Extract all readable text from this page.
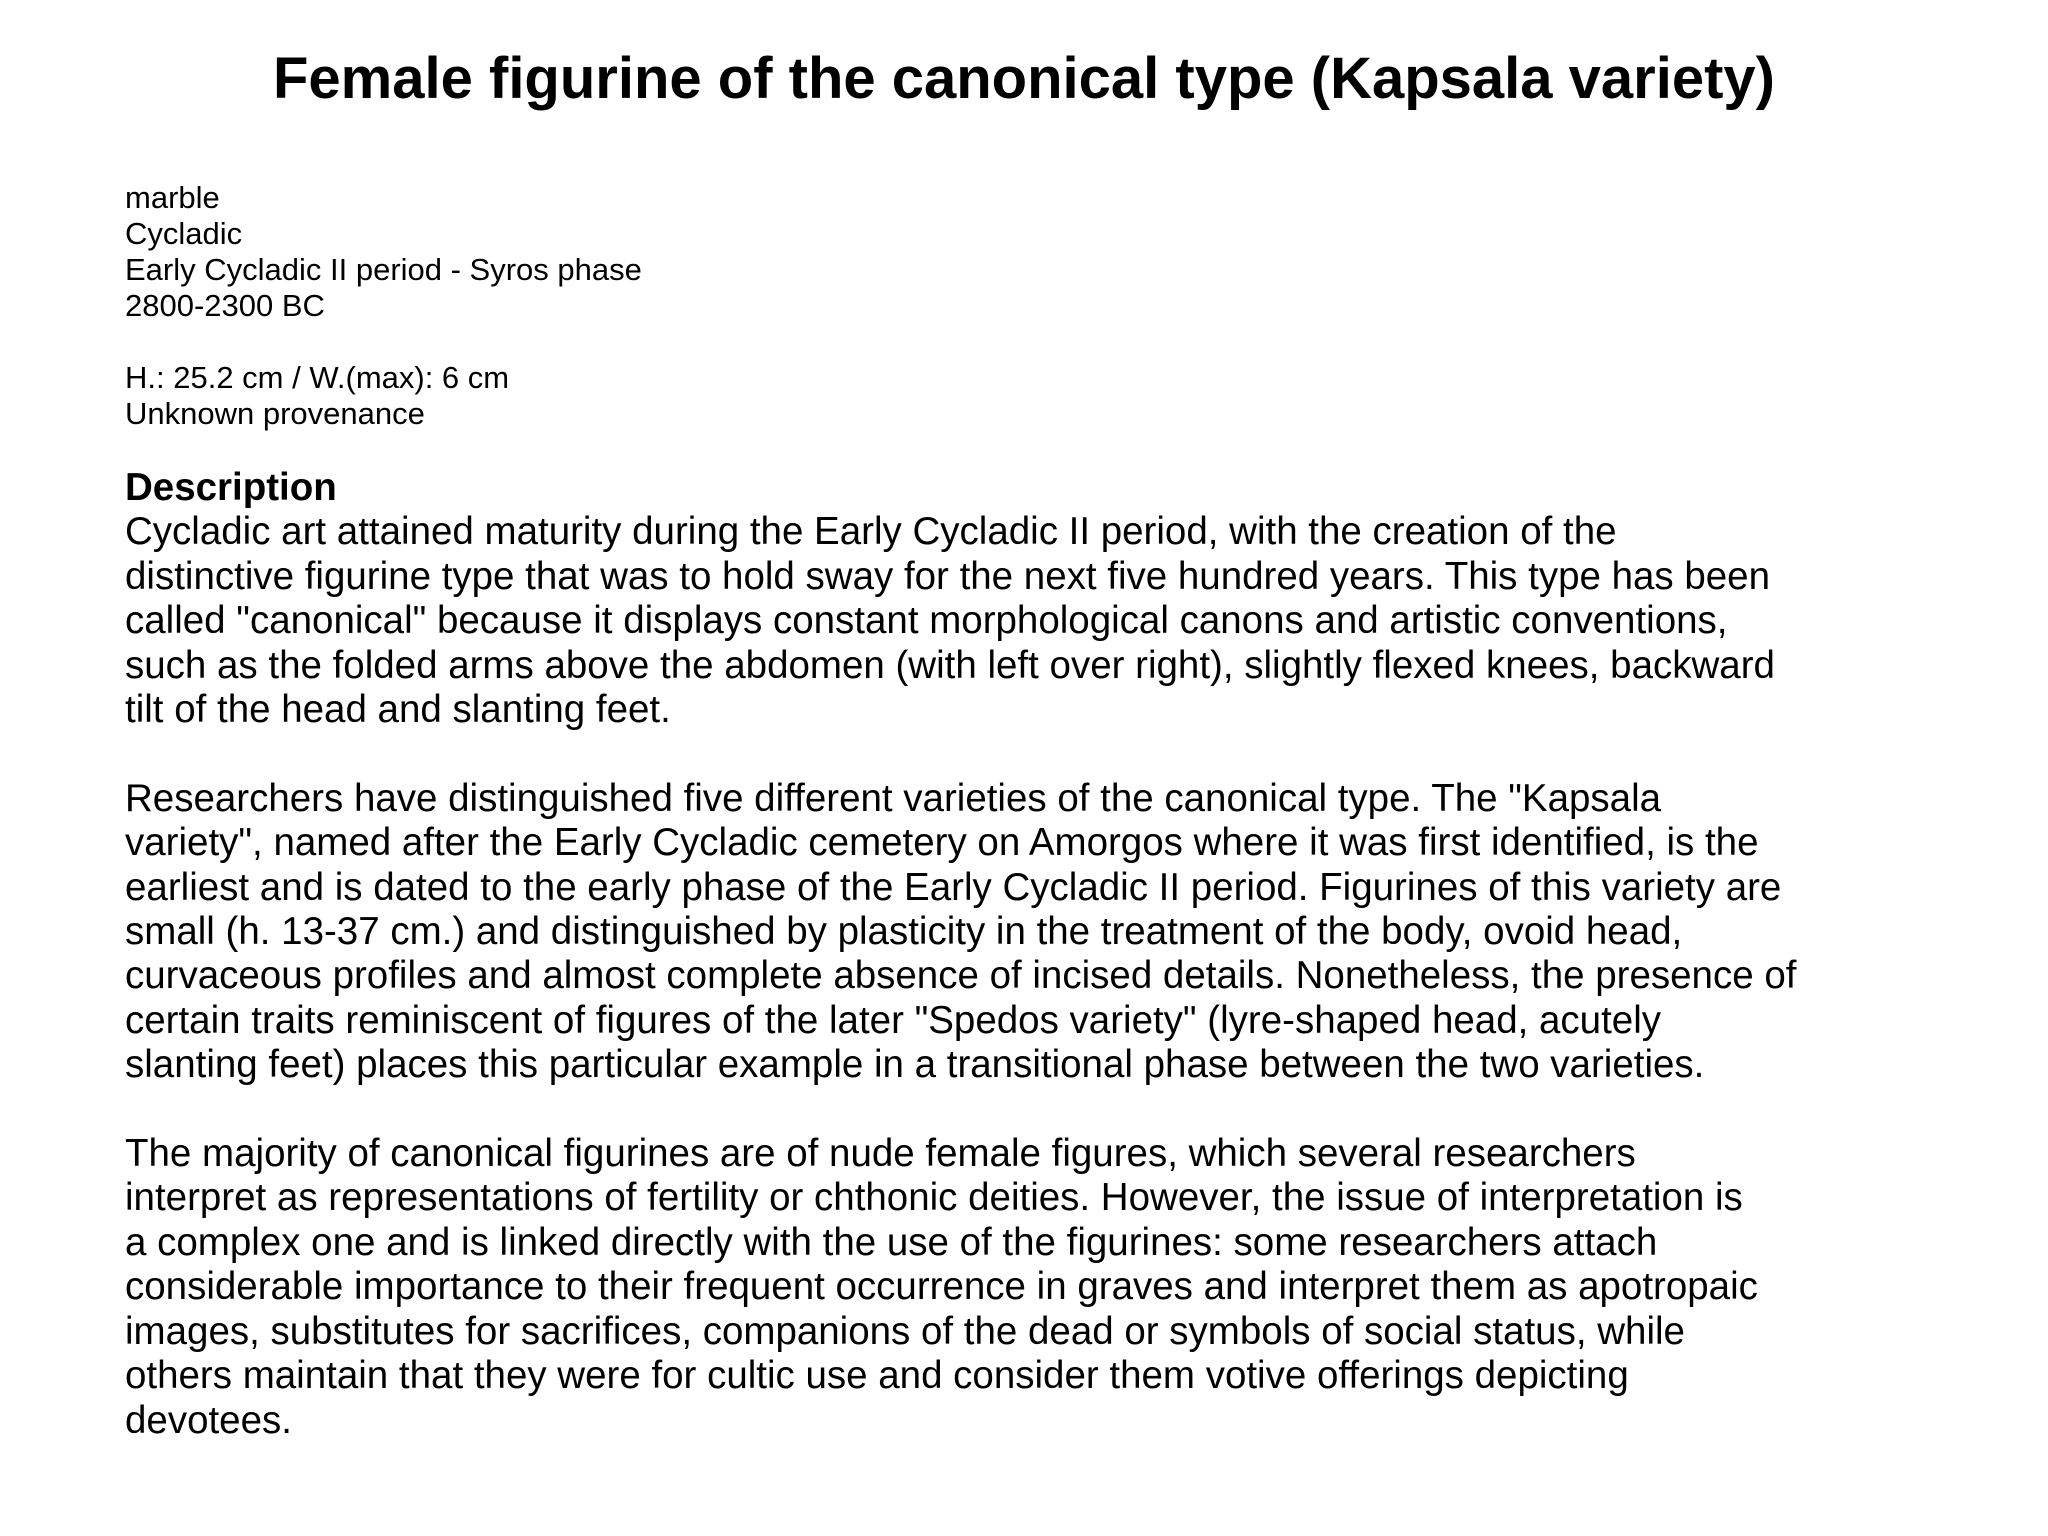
Female figurine of the canonical type (Kapsala variety)
marble
Cycladic
Early Cycladic II period - Syros phase
2800-2300 BC
H.: 25.2 cm / W.(max): 6 cm
Unknown provenance
Description
Cycladic art attained maturity during the Early Cycladic II period, with the creation of the
distinctive figurine type that was to hold sway for the next five hundred years. This type has been
called "canonical" because it displays constant morphological canons and artistic conventions,
such as the folded arms above the abdomen (with left over right), slightly flexed knees, backward
tilt of the head and slanting feet.
Researchers have distinguished five different varieties of the canonical type. The "Kapsala
variety", named after the Early Cycladic cemetery on Amorgos where it was first identified, is the
earliest and is dated to the early phase of the Early Cycladic II period. Figurines of this variety are
small (h. 13-37 cm.) and distinguished by plasticity in the treatment of the body, ovoid head,
curvaceous profiles and almost complete absence of incised details. Nonetheless, the presence of
certain traits reminiscent of figures of the later "Spedos variety" (lyre-shaped head, acutely
slanting feet) places this particular example in a transitional phase between the two varieties.
The majority of canonical figurines are of nude female figures, which several researchers
interpret as representations of fertility or chthonic deities. However, the issue of interpretation is
a complex one and is linked directly with the use of the figurines: some researchers attach
considerable importance to their frequent occurrence in graves and interpret them as apotropaic
images, substitutes for sacrifices, companions of the dead or symbols of social status, while
others maintain that they were for cultic use and consider them votive offerings depicting
devotees.
